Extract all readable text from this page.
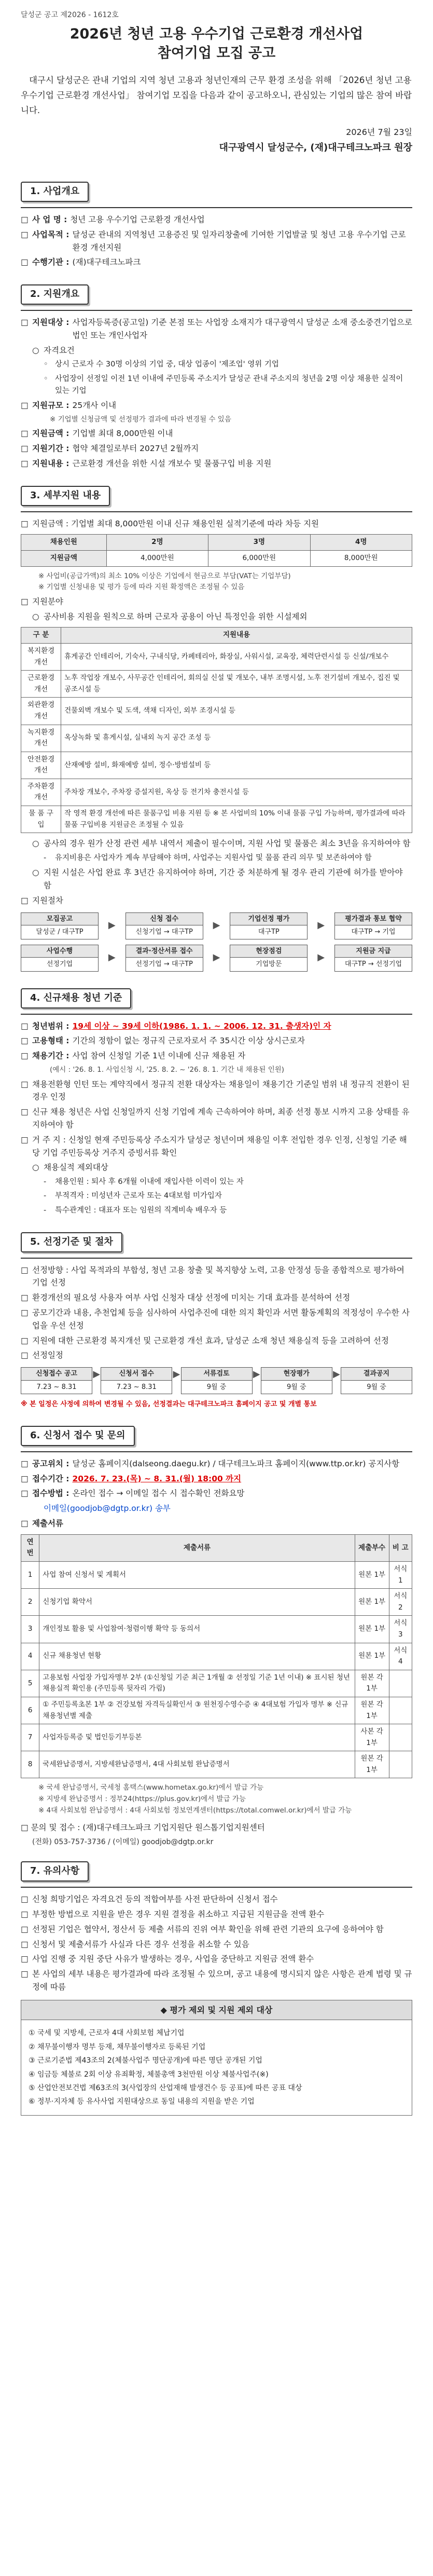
달성군 공고 제2026 - 1612호
2026년 청년 고용 우수기업 근로환경 개선사업
참여기업 모집 공고

대구시 달성군은 관내 기업의 지역 청년 고용과 청년인재의 근무 환경 조성을 위해 「2026년 청년 고용 우수기업 근로환경 개선사업」 참여기업 모집을 다음과 같이 공고하오니, 관심있는 기업의 많은 참여 바랍니다.

2026년 7월 23일
대구광역시 달성군수, (재)대구테크노파크 원장
1. 사업개요
□ 사 업 명 : 청년 고용 우수기업 근로환경 개선사업
□ 사업목적 : 달성군 관내의 지역청년 고용증진 및 일자리창출에 기여한 기업발굴 및 청년 고용 우수기업 근로환경 개선지원
□ 수행기관 : (재)대구테크노파크
2. 지원개요
□ 지원대상 : 사업자등록증(공고일) 기준 본점 또는 사업장 소재지가 대구광역시 달성군 소재 중소중견기업으로 법인 또는 개인사업자
○ 자격요건
◦ 상시 근로자 수 30명 이상의 기업 중, 대상 업종이 '제조업' 영위 기업
◦ 사업장이 선정일 이전 1년 이내에 주민등록 주소지가 달성군 관내 주소지의 청년을 2명 이상 채용한 실적이 있는 기업
□ 지원규모 : 25개사 이내
※ 기업별 신청금액 및 선정평가 결과에 따라 변경될 수 있음
□ 지원금액 : 기업별 최대 8,000만원 이내
□ 지원기간 : 협약 체결일로부터 2027년 2월까지
□ 지원내용 : 근로환경 개선을 위한 시설 개보수 및 물품구입 비용 지원
3. 세부지원 내용
□ 지원금액 : 기업별 최대 8,000만원 이내 신규 채용인원 실적기준에 따라 차등 지원
채용인원	2명	3명	4명
지원금액	4,000만원	6,000만원	8,000만원
※ 사업비(공급가액)의 최소 10% 이상은 기업에서 현금으로 부담(VAT는 기업부담)
※ 기업별 신청내용 및 평가 등에 따라 지원 확정액은 조정될 수 있음
□ 지원분야
○ 공사비용 지원을 원칙으로 하며 근로자 공용이 아닌 특정인을 위한 시설제외
구 분	지원내용
복지환경 개선	휴게공간 인테리어, 기숙사, 구내식당, 카페테리아, 화장실, 사워시설, 교육장, 체력단련시설 등 신설/개보수
근로환경 개선	노후 작업장 개보수, 사무공간 인테리어, 회의실 신설 및 개보수, 내부 조명시설, 노후 전기설비 개보수, 집진 및 공조시설 등
외관환경 개선	건물외벽 개보수 및 도색, 색채 디자인, 외부 조경시설 등
녹지환경 개선	옥상녹화 및 휴게시설, 실내외 녹지 공간 조성 등
안전환경 개선	산재예방 설비, 화재예방 설비, 정수·방범설비 등
주차환경 개선	주차장 개보수, 주차장 증설지원, 옥상 등 전기차 충전시설 등
물 품 구 입	작 영적 환경 개선에 따른 물품구입 비용 지원 등 ※ 본 사업비의 10% 이내 물품 구입 가능하며, 평가결과에 따라 물품 구입비용 지원금은 조정될 수 있음
○ 공사의 경우 원가 산정 관련 세부 내역서 제출이 필수이며, 지원 사업 및 물품은 최소 3년을 유지하여야 함
-	유지비용은 사업자가 계속 부담해야 하며, 사업주는 지원사업 및 물품 관리 의무 및 보존하여야 함
○ 지원 시설은 사업 완료 후 3년간 유지하여야 하며, 기간 중 처분하게 될 경우 관리 기관에 허가를 받아야 함
□ 지원절차
모집공고
달성군 / 대구TP
▶
신청 접수
신청기업 → 대구TP
▶
기업선정 평가
대구TP
▶
평가결과 통보 협약
대구TP → 기업
사업수행
선정기업
▶
결과·정산서류 접수
선정기업 → 대구TP
▶
현장점검
기업방문
▶
지원금 지급
대구TP → 선정기업
4. 신규채용 청년 기준
□ 청년범위 : 19세 이상 ~ 39세 이하(1986. 1. 1. ~ 2006. 12. 31. 출생자)인 자
□ 고용형태 : 기간의 정함이 없는 정규직 근로자로서 주 35시간 이상 상시근로자
□ 채용기간 : 사업 참여 신청일 기준 1년 이내에 신규 채용된 자
(예시 : '26. 8. 1. 사업신청 시, '25. 8. 2. ~ '26. 8. 1. 기간 내 채용된 인원)
□ 채용전환형 인턴 또는 계약직에서 정규직 전환 대상자는 채용일이 채용기간 기준일 범위 내 정규직 전환이 된 경우 인정
□ 신규 채용 청년은 사업 신청일까지 신청 기업에 계속 근속하여야 하며, 최종 선정 통보 시까지 고용 상태를 유지하여야 함
□ 거 주 지 : 신청일 현재 주민등록상 주소지가 달성군 청년이며 채용일 이후 전입한 경우 인정, 신청일 기준 해당 기업 주민등록상 거주지 증빙서류 확인
○ 채용실적 제외대상
-	채용인원 : 퇴사 후 6개월 이내에 재입사한 이력이 있는 자
-	부적격자 : 미성년자 근로자 또는 4대보험 미가입자
-	특수관계인 : 대표자 또는 임원의 직계비속 배우자 등
5. 선정기준 및 절차
□ 선정방향 : 사업 목적과의 부합성, 청년 고용 창출 및 복지향상 노력, 고용 안정성 등을 종합적으로 평가하여 기업 선정
□ 환경개선의 필요성 사용자 여부 사업 신청자 대상 선정에 미치는 기대 효과를 분석하여 선정
□ 공모기간과 내용, 추천업체 등을 심사하여 사업추진에 대한 의지 확인과 서면 활동계획의 적정성이 우수한 사업을 우선 선정
□ 지원에 대한 근로환경 복지개선 및 근로환경 개선 효과, 달성군 소재 청년 채용실적 등을 고려하여 선정
□ 선정일정
신청접수 공고
7.23 ~ 8.31
▶	신청서 접수
7.23 ~ 8.31
▶	서류검토
9월 중
▶	현장평가
9월 중
▶	결과공지
9월 중
※ 본 일정은 사정에 의하여 변경될 수 있음, 선정결과는 대구테크노파크 홈페이지 공고 및 개별 통보
6. 신청서 접수 및 문의
□ 공고위치 : 달성군 홈페이지(dalseong.daegu.kr) / 대구테크노파크 홈페이지(www.ttp.or.kr) 공지사항
□ 접수기간 : 2026. 7. 23.(목) ~ 8. 31.(월) 18:00 까지
□ 접수방법 : 온라인 접수 → 이메일 접수 시 접수확인 전화요망
이메일(goodjob@dgtp.or.kr) 송부
□ 제출서류
연번	제출서류	제출부수	비 고
1	사업 참여 신청서 및 계획서	원본 1부	서식 1
2	신청기업 확약서	원본 1부	서식 2
3	개인정보 활용 및 사업참여·청렴이행 확약 등 동의서	원본 1부	서식 3
4	신규 채용청년 현황	원본 1부	서식 4
5	고용보험 사업장 가입자명부 2부 (①신청일 기준 최근 1개월 ② 선정일 기준 1년 이내) ※ 표시된 청년 채용실적 확인용 (주민등록 뒷자리 가림)	원본 각 1부	
6	① 주민등록초본 1부 ② 건강보험 자격득실확인서 ③ 원천징수영수증 ④ 4대보험 가입자 명부 ※ 신규 채용청년별 제출	원본 각 1부	
7	사업자등록증 및 법인등기부등본	사본 각 1부	
8	국세완납증명서, 지방세완납증명서, 4대 사회보험 완납증명서	원본 각 1부	
※ 국세 완납증명서, 국세청 홈택스(www.hometax.go.kr)에서 발급 가능
※ 지방세 완납증명서 : 정부24(https://plus.gov.kr)에서 발급 가능
※ 4대 사회보험 완납증명서 : 4대 사회보험 정보연계센터(https://total.comwel.or.kr)에서 발급 가능
□ 문의 및 접수 : (재)대구테크노파크 기업지원단 원스톱기업지원센터
(전화) 053-757-3736 / (이메일) goodjob@dgtp.or.kr
7. 유의사항
□ 신청 희망기업은 자격요건 등의 적합여부를 사전 판단하여 신청서 접수
□ 부정한 방법으로 지원을 받은 경우 지원 결정을 취소하고 지급된 지원금을 전액 환수
□ 선정된 기업은 협약서, 정산서 등 제출 서류의 진위 여부 확인을 위해 관련 기관의 요구에 응하여야 함
□ 신청서 및 제출서류가 사실과 다른 경우 선정을 취소할 수 있음
□ 사업 진행 중 지원 중단 사유가 발생하는 경우, 사업을 중단하고 지원금 전액 환수
□ 본 사업의 세부 내용은 평가결과에 따라 조정될 수 있으며, 공고 내용에 명시되지 않은 사항은 관계 법령 및 규정에 따름
◆ 평가 제외 및 지원 제외 대상
① 국세 및 지방세, 근로자 4대 사회보험 체납기업
② 채무불이행자 명부 등재, 채무불이행자로 등록된 기업
③ 근로기준법 제43조의 2(체불사업주 명단공개)에 따른 명단 공개된 기업
④ 임금등 체불로 2회 이상 유죄확정, 체불총액 3천만원 이상 체불사업주(※)
⑤ 산업안전보건법 제63조의 3(사업장의 산업재해 발생건수 등 공표)에 따른 공표 대상
⑥ 정부·지자체 등 유사사업 지원대상으로 동일 내용의 지원을 받은 기업
